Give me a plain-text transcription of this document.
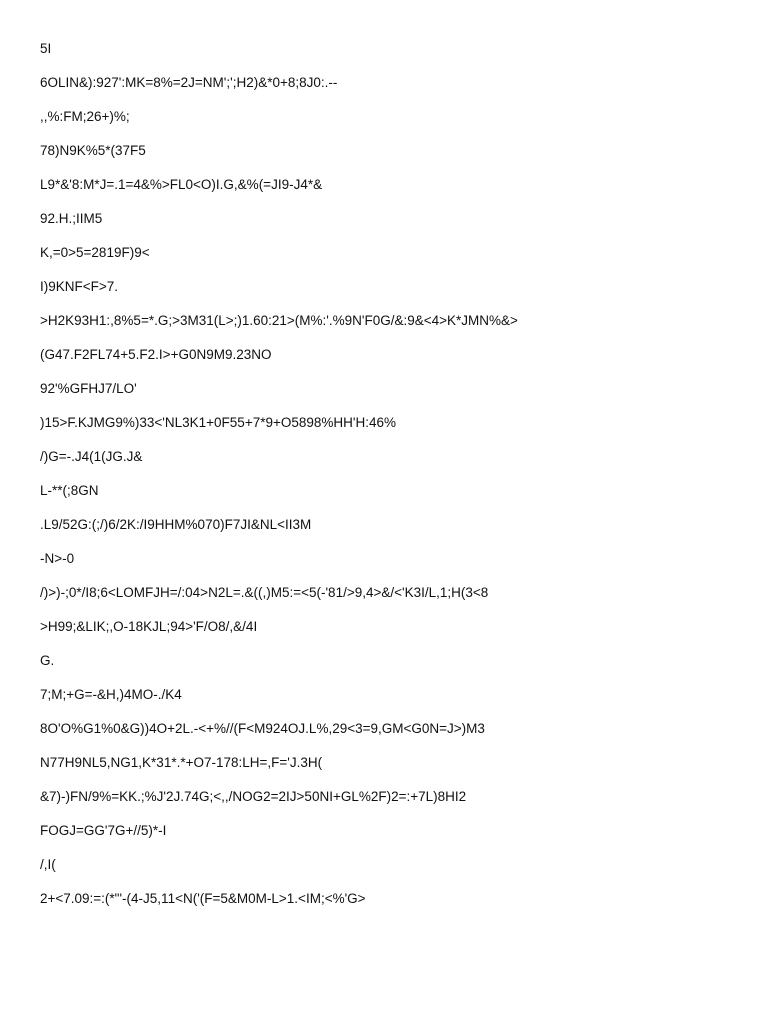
5I
6OLIN&):927':MK=8%=2J=NM';';H2)&*0+8;8J0:.--
,,%:FM;26+)%;
78)N9K%5*(37F5
L9*&'8:M*J=.1=4&%>FL0<O)I.G,&%(=JI9-J4*&
92.H.;IIM5
K,=0>5=2819F)9<
I)9KNF<F>7.
>H2K93H1:,8%5=*.G;>3M31(L>;)1.60:21>(M%:'.%9N'F0G/&:9&<4>K*JMN%&>
(G47.F2FL74+5.F2.I>+G0N9M9.23NO
92'%GFHJ7/LO'
)15>F.KJMG9%)33<'NL3K1+0F55+7*9+O5898%HH'H:46%
/)G=-.J4(1(JG.J&
L-**(;8GN
.L9/52G:(;/)6/2K:/I9HHM%070)F7JI&NL<II3M
-N>-0
/)>)-;0*/I8;6<LOMFJH=/:04>N2L=.&((,)M5:=<5(-'81/>9,4>&/<'K3I/L,1;H(3<8
>H99;&LIK;,O-18KJL;94>'F/O8/,&/4I
G.
7;M;+G=-&H,)4MO-./K4
8O'O%G1%0&G))4O+2L.-<+%//(F<M924OJ.L%,29<3=9,GM<G0N=J>)M3
N77H9NL5,NG1,K*31*.*+O7-178:LH=,F='J.3H(
&7)-)FN/9%=KK.;%J'2J.74G;<,,/NOG2=2IJ>50NI+GL%2F)2=:+7L)8HI2
FOGJ=GG'7G+//5)*-I
/,I(
2+<7.09:=:(*"'-(4-J5,11<N('(F=5&M0M-L>1.<IM;<%'G>
